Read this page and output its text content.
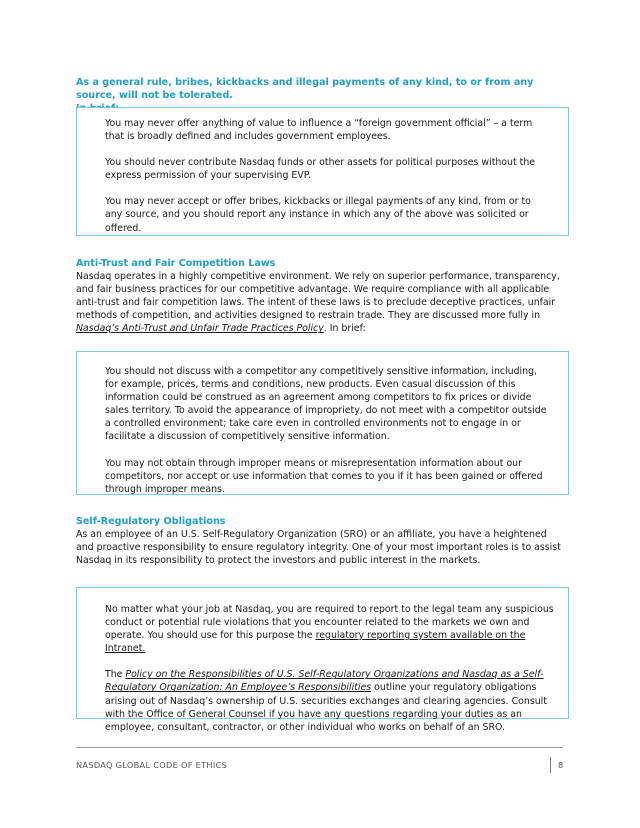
As a general rule, bribes, kickbacks and illegal payments of any kind, to or from any source, will not be tolerated.

You may never offer anything of value to influence a “foreign government official” – a term that is broadly defined and includes government employees.

You should never contribute Nasdaq funds or other assets for political purposes without the express permission of your supervising EVP.

You may never accept or offer bribes, kickbacks or illegal payments of any kind, from or to any source, and you should report any instance in which any of the above was solicited or offered.

Anti-Trust and Fair Competition Laws

Nasdaq operates in a highly competitive environment. We rely on superior performance, transparency, and fair business practices for our competitive advantage. We require compliance with all applicable anti-trust and fair competition laws. The intent of these laws is to preclude deceptive practices, unfair methods of competition, and activities designed to restrain trade. They are discussed more fully in Nasdaq’s Anti-Trust and Unfair Trade Practices Policy. In brief:

You should not discuss with a competitor any competitively sensitive information, including, for example, prices, terms and conditions, new products. Even casual discussion of this information could be construed as an agreement among competitors to fix prices or divide sales territory. To avoid the appearance of impropriety, do not meet with a competitor outside a controlled environment; take care even in controlled environments not to engage in or facilitate a discussion of competitively sensitive information.

You may not obtain through improper means or misrepresentation information about our competitors, nor accept or use information that comes to you if it has been gained or offered through improper means.

Self-Regulatory Obligations

As an employee of an U.S. Self-Regulatory Organization (SRO) or an affiliate, you have a heightened and proactive responsibility to ensure regulatory integrity. One of your most important roles is to assist Nasdaq in its responsibility to protect the investors and public interest in the markets.

No matter what your job at Nasdaq, you are required to report to the legal team any suspicious conduct or potential rule violations that you encounter related to the markets we own and operate. You should use for this purpose the regulatory reporting system available on the Intranet.

The Policy on the Responsibilities of U.S. Self-Regulatory Organizations and Nasdaq as a Self-Regulatory Organization: An Employee’s Responsibilities outline your regulatory obligations arising out of Nasdaq’s ownership of U.S. securities exchanges and clearing agencies. Consult with the Office of General Counsel if you have any questions regarding your duties as an employee, consultant, contractor, or other individual who works on behalf of an SRO.

NASDAQ GLOBAL CODE OF ETHICS	8
